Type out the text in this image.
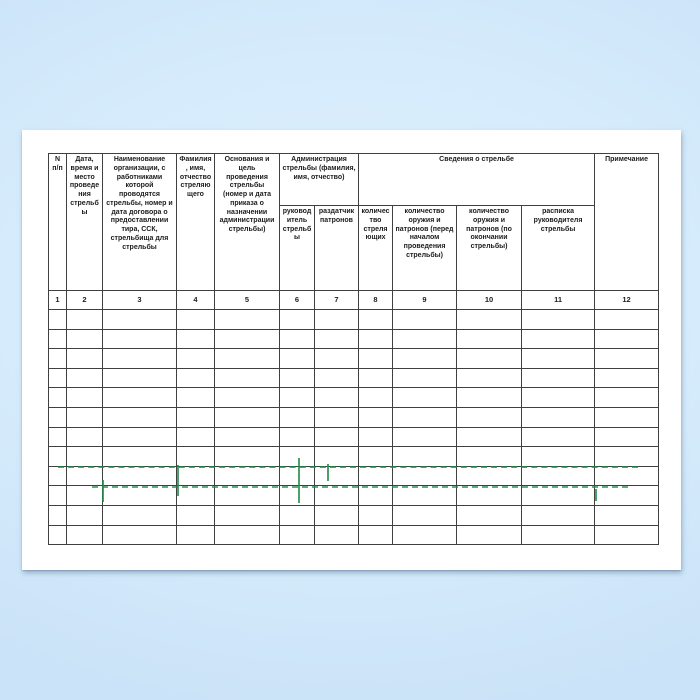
N п/п	Дата, время и место проведения стрельбы	Наименование организации, с работниками которой проводятся стрельбы, номер и дата договора о предоставлении тира, ССК, стрельбища для стрельбы	Фамилия, имя, отчество стреляющего	Основания и цель проведения стрельбы (номер и дата приказа о назначении администрации стрельбы)	Администрация стрельбы (фамилия, имя, отчество)		Сведения о стрельбе				Примечание
					руководитель стрельбы	раздатчик патронов	количество стреляющих	количество оружия и патронов (перед началом проведения стрельбы)	количество оружия и патронов (по окончании стрельбы)	расписка руководителя стрельбы	
1	2	3	4	5	6	7	8	9	10	11	12
